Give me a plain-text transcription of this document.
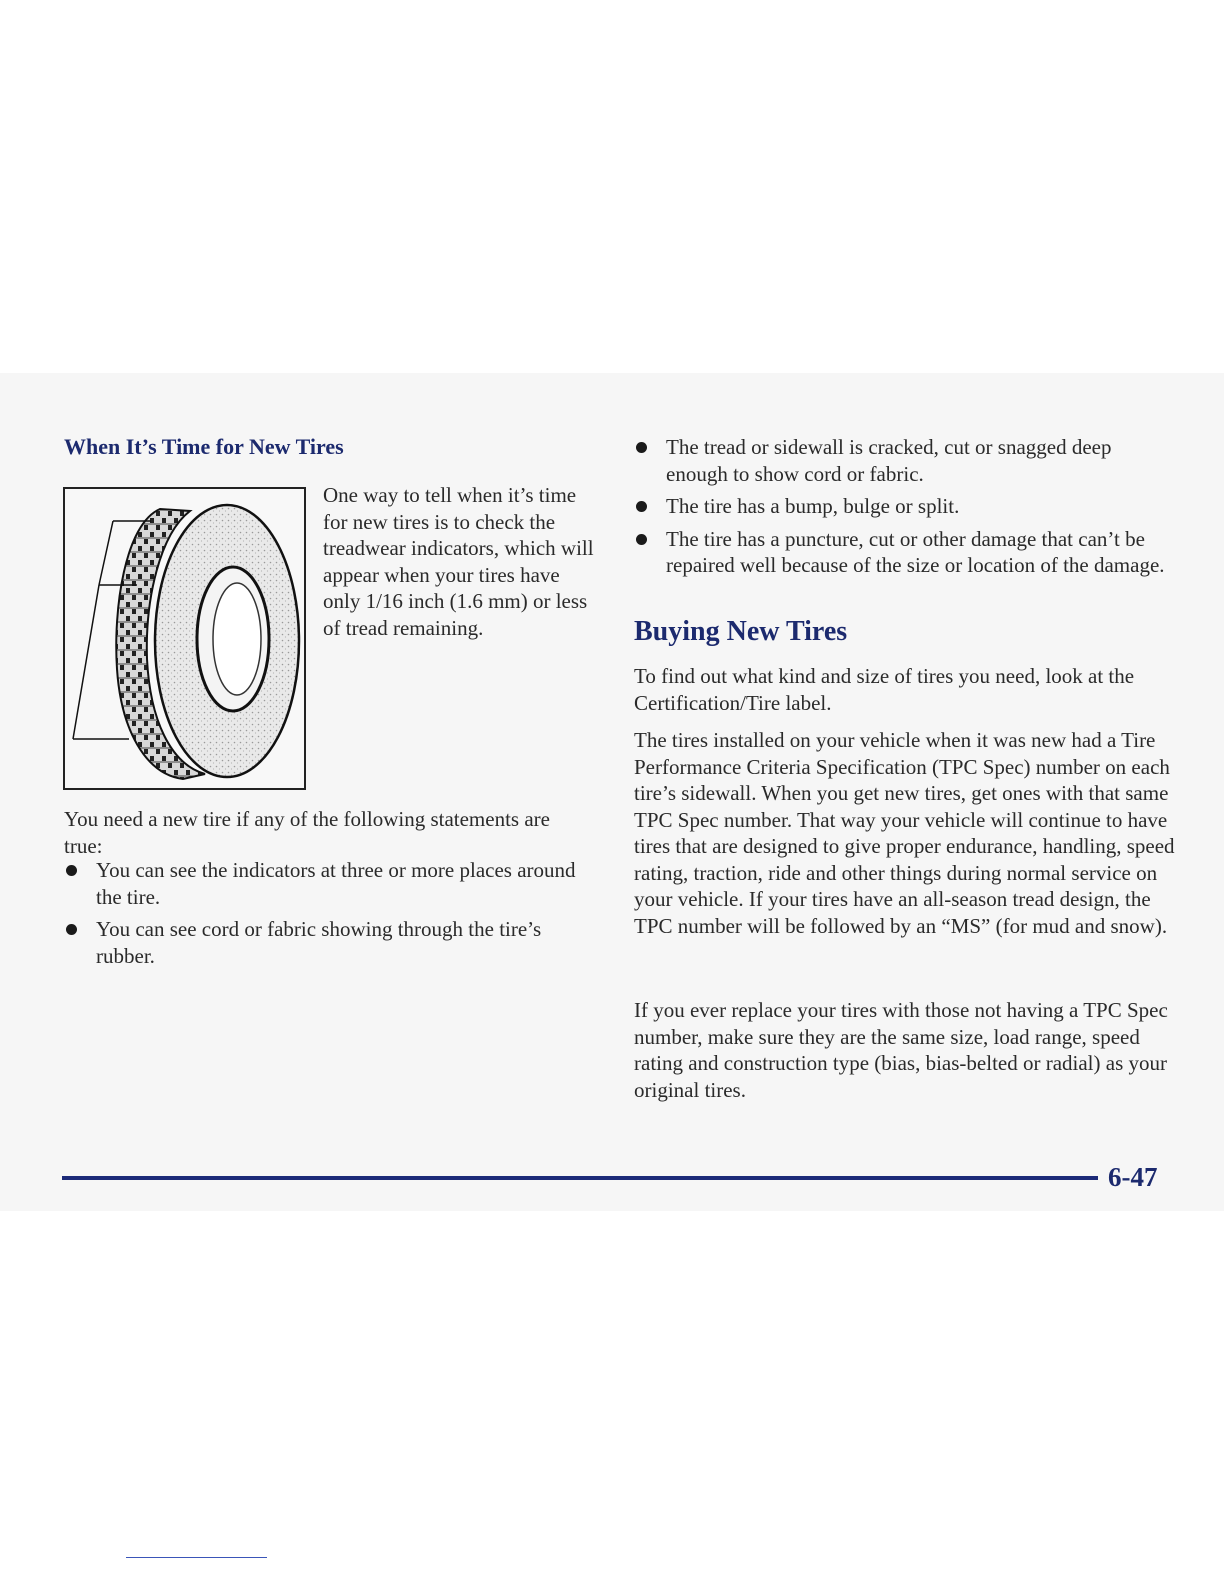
When It’s Time for New Tires

One way to tell when it’s time for new tires is to check the treadwear indicators, which will appear when your tires have only 1/16 inch (1.6 mm) or less of tread remaining.

You need a new tire if any of the following statements are true:

You can see the indicators at three or more places around the tire.
You can see cord or fabric showing through the tire’s rubber.
The tread or sidewall is cracked, cut or snagged deep enough to show cord or fabric.
The tire has a bump, bulge or split.
The tire has a puncture, cut or other damage that can’t be repaired well because of the size or location of the damage.
Buying New Tires

To find out what kind and size of tires you need, look at the Certification/Tire label.

The tires installed on your vehicle when it was new had a Tire Performance Criteria Specification (TPC Spec) number on each tire’s sidewall. When you get new tires, get ones with that same TPC Spec number. That way your vehicle will continue to have tires that are designed to give proper endurance, handling, speed rating, traction, ride and other things during normal service on your vehicle. If your tires have an all-season tread design, the TPC number will be followed by an “MS” (for mud and snow).

If you ever replace your tires with those not having a TPC Spec number, make sure they are the same size, load range, speed rating and construction type (bias, bias-belted or radial) as your original tires.

6-47
